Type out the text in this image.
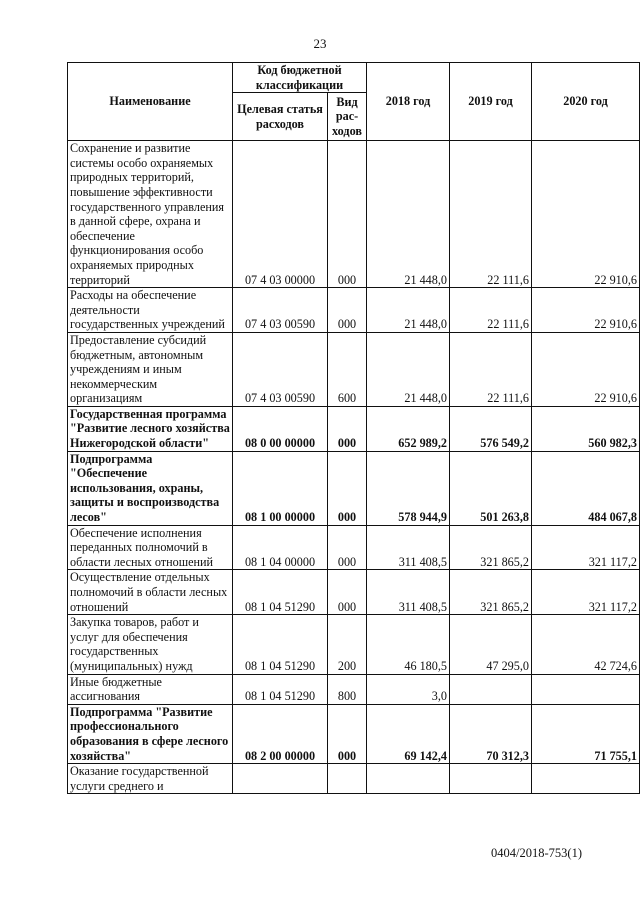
23
Наименование	Код бюджетной классификации		2018 год	2019 год	2020 год
	Целевая статья расходов	Вид рас-ходов			
Сохранение и развитие системы особо охраняемых природных территорий, повышение эффективности государственного управления в данной сфере, охрана и обеспечение функционирования особо охраняемых природных территорий	07 4 03 00000	000	21 448,0	22 111,6	22 910,6
Расходы на обеспечение деятельности государственных учреждений	07 4 03 00590	000	21 448,0	22 111,6	22 910,6
Предоставление субсидий бюджетным, автономным учреждениям и иным некоммерческим организациям	07 4 03 00590	600	21 448,0	22 111,6	22 910,6
Государственная программа "Развитие лесного хозяйства Нижегородской области"	08 0 00 00000	000	652 989,2	576 549,2	560 982,3
Подпрограмма "Обеспечение использования, охраны, защиты и воспроизводства лесов"	08 1 00 00000	000	578 944,9	501 263,8	484 067,8
Обеспечение исполнения переданных полномочий в области лесных отношений	08 1 04 00000	000	311 408,5	321 865,2	321 117,2
Осуществление отдельных полномочий в области лесных отношений	08 1 04 51290	000	311 408,5	321 865,2	321 117,2
Закупка товаров, работ и услуг для обеспечения государственных (муниципальных) нужд	08 1 04 51290	200	46 180,5	47 295,0	42 724,6
Иные бюджетные ассигнования	08 1 04 51290	800	3,0		
Подпрограмма "Развитие профессионального образования в сфере лесного хозяйства"	08 2 00 00000	000	69 142,4	70 312,3	71 755,1
Оказание государственной услуги среднего и					
0404/2018-753(1)
